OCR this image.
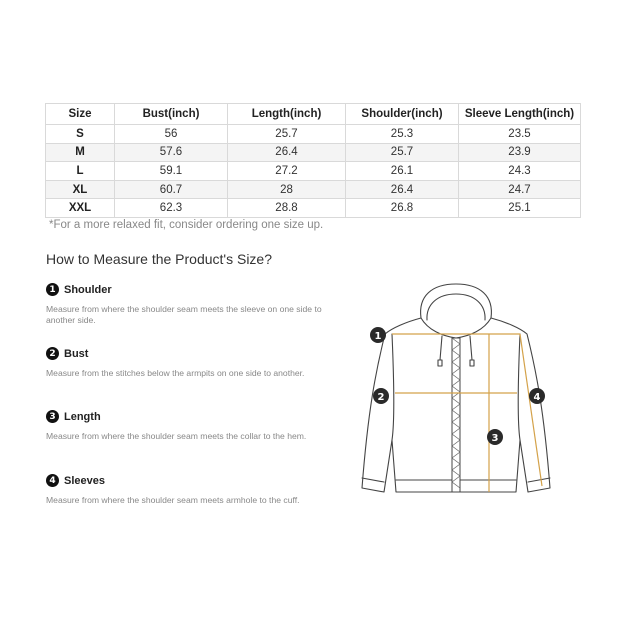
Size	Bust(inch)	Length(inch)	Shoulder(inch)	Sleeve Length(inch)
S	56	25.7	25.3	23.5
M	57.6	26.4	25.7	23.9
L	59.1	27.2	26.1	24.3
XL	60.7	28	26.4	24.7
XXL	62.3	28.8	26.8	25.1
*For a more relaxed fit, consider ordering one size up.
How to Measure the Product's Size?
1 Shoulder
Measure from where the shoulder seam meets the sleeve on one side to another side.
2 Bust
Measure from the stitches below the armpits on one side to another.
3 Length
Measure from where the shoulder seam meets the collar to the hem.
4 Sleeves
Measure from where the shoulder seam meets armhole to the cuff.
1
2
3
4
